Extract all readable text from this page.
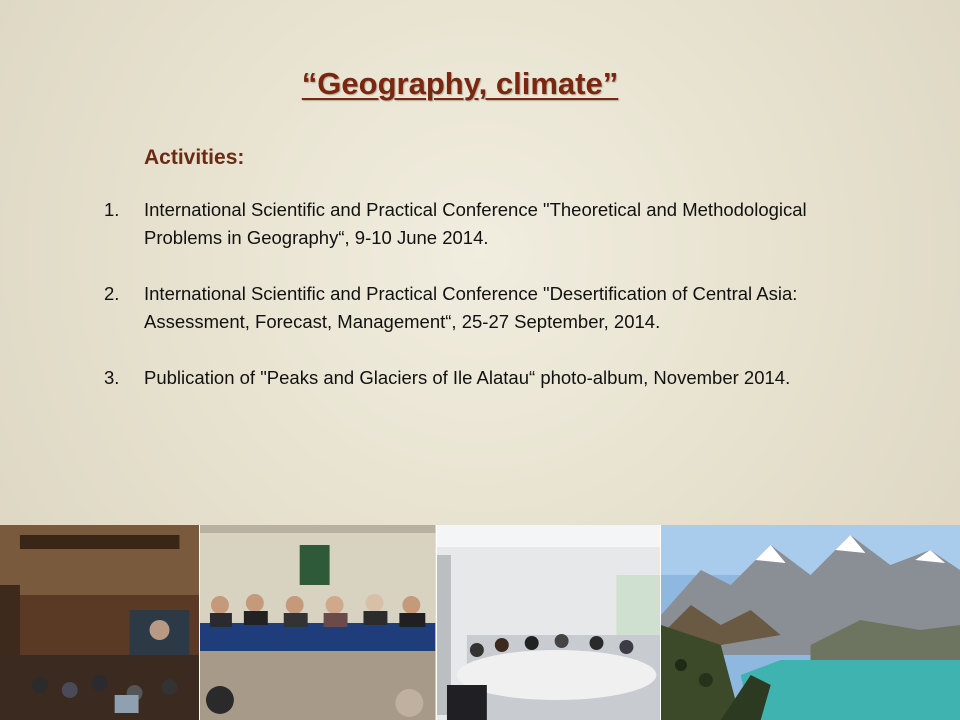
“Geography, climate”
Activities:
1. International Scientific and Practical Conference "Theoretical and Methodological Problems in Geography“, 9-10 June 2014.
2. International Scientific and Practical Conference "Desertification of Central Asia: Assessment, Forecast, Management“, 25-27 September, 2014.
3. Publication of "Peaks and Glaciers of Ile Alatau“ photo-album, November 2014.
